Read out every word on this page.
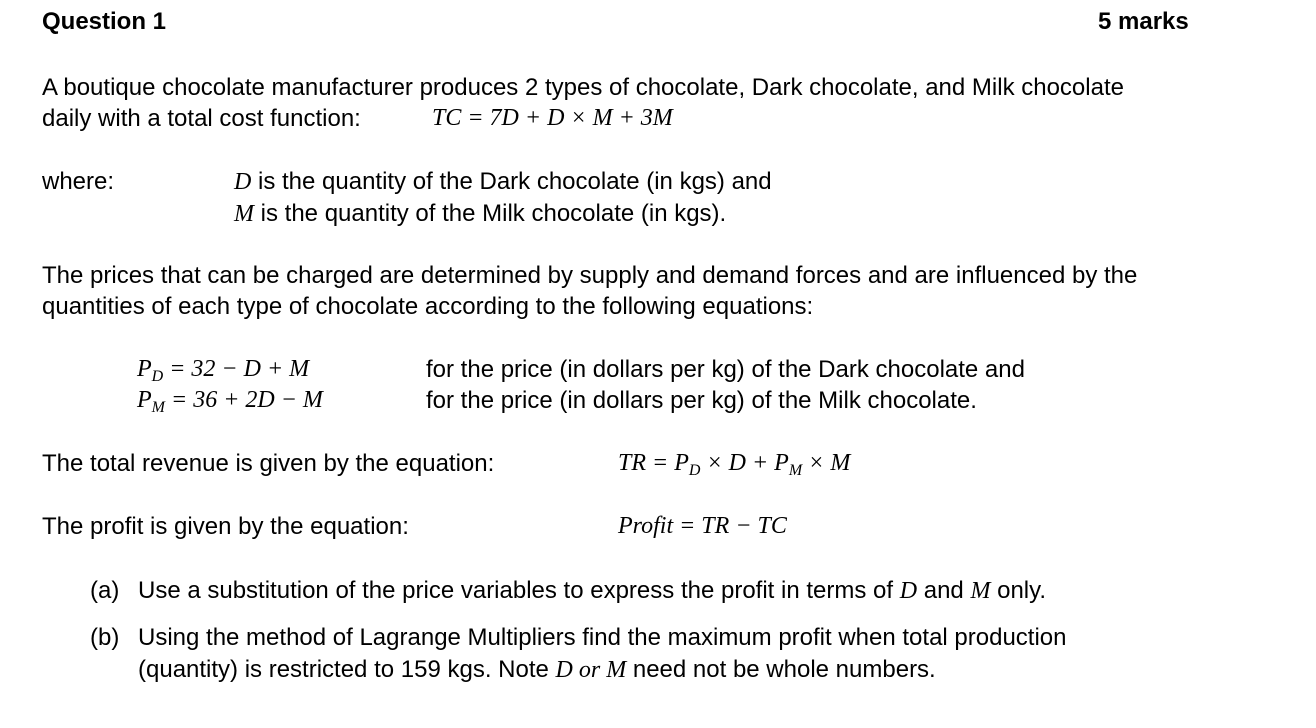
Question 1	5 marks
A boutique chocolate manufacturer produces 2 types of chocolate, Dark chocolate, and Milk chocolate
daily with a total cost function:	TC = 7D + D × M + 3M
where:	D is the quantity of the Dark chocolate (in kgs) and
M is the quantity of the Milk chocolate (in kgs).
The prices that can be charged are determined by supply and demand forces and are influenced by the
quantities of each type of chocolate according to the following equations:
$P_D = 32 - D + M$	for the price (in dollars per kg) of the Dark chocolate and
$P_M = 36 + 2D - M$	for the price (in dollars per kg) of the Milk chocolate.
The total revenue is given by the equation:	TR = $P_D \times D + P_M \times M$
The profit is given by the equation:	Profit = TR − TC
(a) Use a substitution of the price variables to express the profit in terms of D and M only.
(b) Using the method of Lagrange Multipliers find the maximum profit when total production
(quantity) is restricted to 159 kgs. Note D or M need not be whole numbers.
